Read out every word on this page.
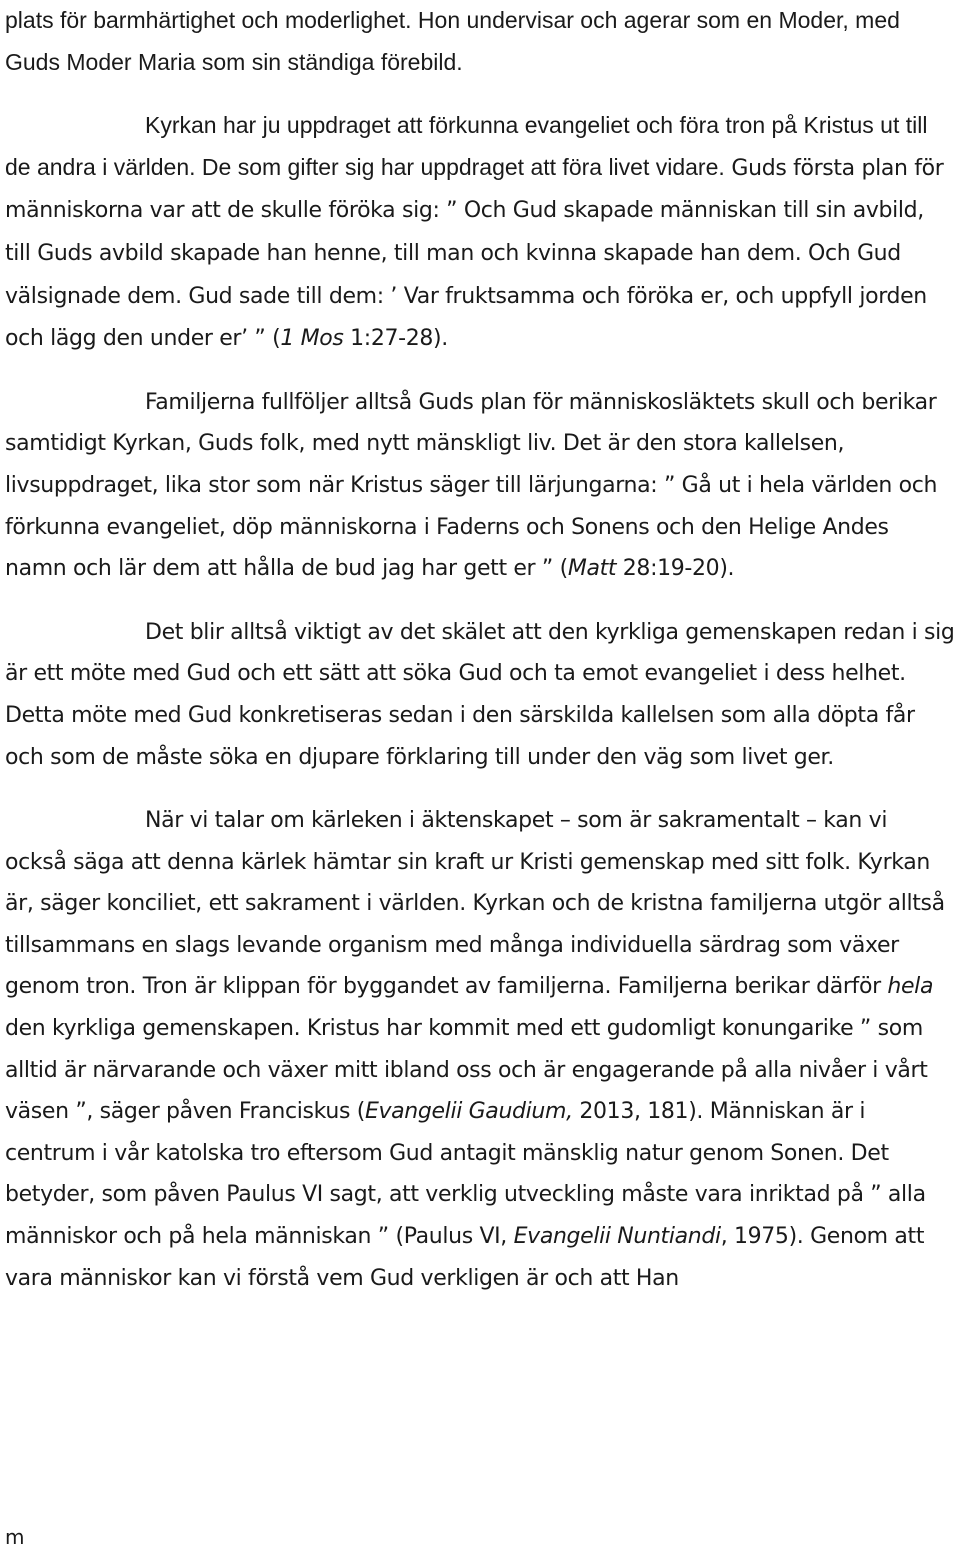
plats för barmhärtighet och moderlighet. Hon undervisar och agerar som en Moder, med Guds Moder Maria som sin ständiga förebild.

Kyrkan har ju uppdraget att förkunna evangeliet och föra tron på Kristus ut till de andra i världen. De som gifter sig har uppdraget att föra livet vidare. Guds första plan för människorna var att de skulle föröka sig: ” Och Gud skapade människan till sin avbild, till Guds avbild skapade han henne, till man och kvinna skapade han dem. Och Gud välsignade dem. Gud sade till dem: ’ Var fruktsamma och föröka er, och uppfyll jorden och lägg den under er’ ” (1 Mos 1:27-28).

Familjerna fullföljer alltså Guds plan för människosläktets skull och berikar samtidigt Kyrkan, Guds folk, med nytt mänskligt liv. Det är den stora kallelsen, livsuppdraget, lika stor som när Kristus säger till lärjungarna: ” Gå ut i hela världen och förkunna evangeliet, döp människorna i Faderns och Sonens och den Helige Andes namn och lär dem att hålla de bud jag har gett er ” (Matt 28:19-20).

Det blir alltså viktigt av det skälet att den kyrkliga gemenskapen redan i sig är ett möte med Gud och ett sätt att söka Gud och ta emot evangeliet i dess helhet. Detta möte med Gud konkretiseras sedan i den särskilda kallelsen som alla döpta får och som de måste söka en djupare förklaring till under den väg som livet ger.

När vi talar om kärleken i äktenskapet – som är sakramentalt – kan vi också säga att denna kärlek hämtar sin kraft ur Kristi gemenskap med sitt folk. Kyrkan är, säger konciliet, ett sakrament i världen. Kyrkan och de kristna familjerna utgör alltså tillsammans en slags levande organism med många individuella särdrag som växer genom tron. Tron är klippan för byggandet av familjerna. Familjerna berikar därför hela den kyrkliga gemenskapen. Kristus har kommit med ett gudomligt konungarike ” som alltid är närvarande och växer mitt ibland oss och är engagerande på alla nivåer i vårt väsen ”, säger påven Franciskus (Evangelii Gaudium, 2013, 181). Människan är i centrum i vår katolska tro eftersom Gud antagit mänsklig natur genom Sonen. Det betyder, som påven Paulus VI sagt, att verklig utveckling måste vara inriktad på ” alla människor och på hela människan ” (Paulus VI, Evangelii Nuntiandi, 1975). Genom att vara människor kan vi förstå vem Gud verkligen är och att Han

m
